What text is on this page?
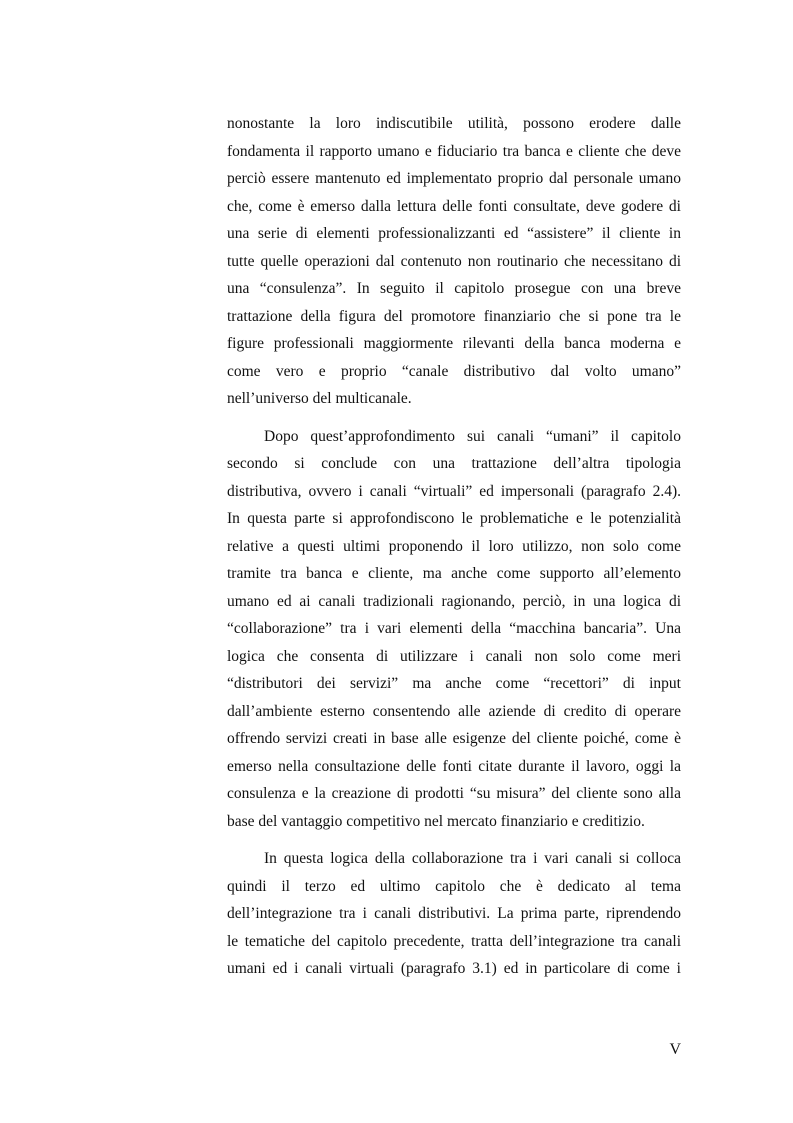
nonostante la loro indiscutibile utilità, possono erodere dalle
fondamenta il rapporto umano e fiduciario tra banca e cliente che deve
perciò essere mantenuto ed implementato proprio dal personale umano
che, come è emerso dalla lettura delle fonti consultate, deve godere di
una serie di elementi professionalizzanti ed “assistere” il cliente in
tutte quelle operazioni dal contenuto non routinario che necessitano di
una “consulenza”. In seguito il capitolo prosegue con una breve
trattazione della figura del promotore finanziario che si pone tra le
figure professionali maggiormente rilevanti della banca moderna e
come vero e proprio “canale distributivo dal volto umano”
nell’universo del multicanale.
Dopo quest’approfondimento sui canali “umani” il capitolo
secondo si conclude con una trattazione dell’altra tipologia
distributiva, ovvero i canali “virtuali” ed impersonali (paragrafo 2.4).
In questa parte si approfondiscono le problematiche e le potenzialità
relative a questi ultimi proponendo il loro utilizzo, non solo come
tramite tra banca e cliente, ma anche come supporto all’elemento
umano ed ai canali tradizionali ragionando, perciò, in una logica di
“collaborazione” tra i vari elementi della “macchina bancaria”. Una
logica che consenta di utilizzare i canali non solo come meri
“distributori dei servizi” ma anche come “recettori” di input
dall’ambiente esterno consentendo alle aziende di credito di operare
offrendo servizi creati in base alle esigenze del cliente poiché, come è
emerso nella consultazione delle fonti citate durante il lavoro, oggi la
consulenza e la creazione di prodotti “su misura” del cliente sono alla
base del vantaggio competitivo nel mercato finanziario e creditizio.
In questa logica della collaborazione tra i vari canali si colloca
quindi il terzo ed ultimo capitolo che è dedicato al tema
dell’integrazione tra i canali distributivi. La prima parte, riprendendo
le tematiche del capitolo precedente, tratta dell’integrazione tra canali
umani ed i canali virtuali (paragrafo 3.1) ed in particolare di come i
V
